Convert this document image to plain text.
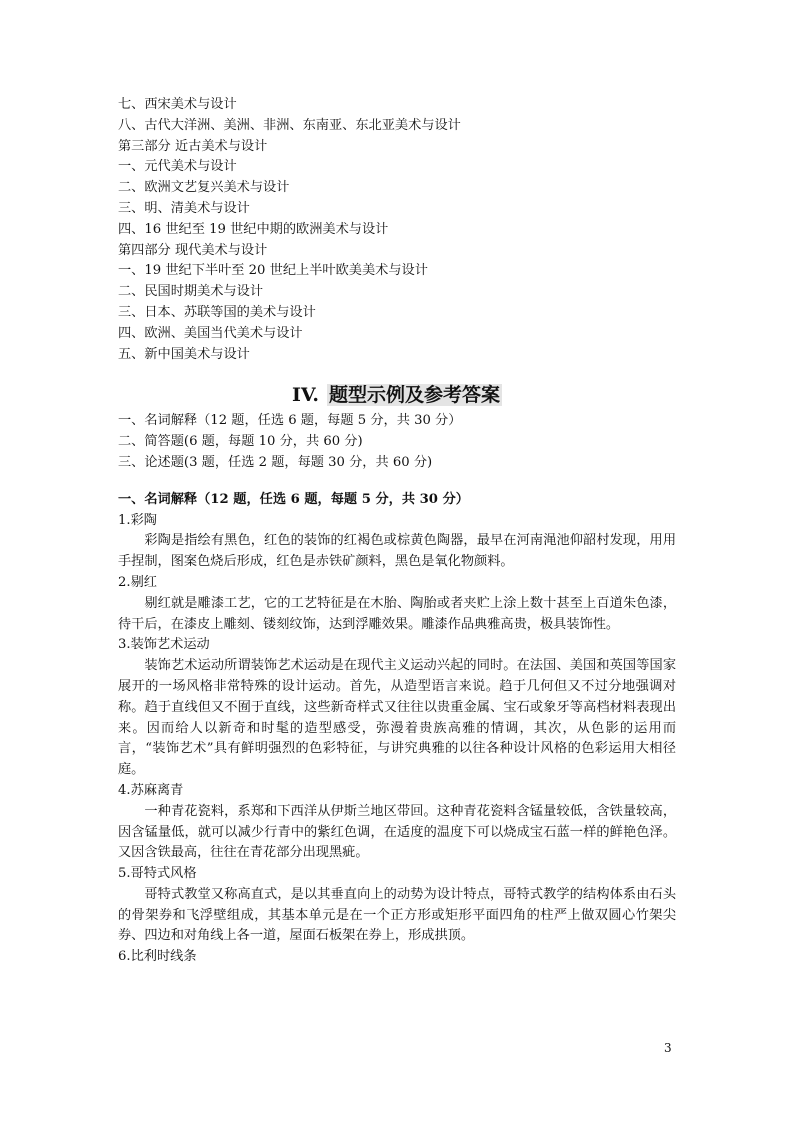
七、西宋美术与设计
八、古代大洋洲、美洲、非洲、东南亚、东北亚美术与设计
第三部分 近古美术与设计
一、元代美术与设计
二、欧洲文艺复兴美术与设计
三、明、清美术与设计
四、16 世纪至 19 世纪中期的欧洲美术与设计
第四部分 现代美术与设计
一、19 世纪下半叶至 20 世纪上半叶欧美美术与设计
二、民国时期美术与设计
三、日本、苏联等国的美术与设计
四、欧洲、美国当代美术与设计
五、新中国美术与设计
IV. 题型示例及参考答案
一、名词解释（12 题，任选 6 题，每题 5 分，共 30 分）
二、简答题(6 题，每题 10 分，共 60 分)
三、论述题(3 题，任选 2 题，每题 30 分，共 60 分)
一、名词解释（12 题，任选 6 题，每题 5 分，共 30 分）
1.彩陶
彩陶是指绘有黑色，红色的装饰的红褐色或棕黄色陶器，最早在河南渑池仰韶村发现，用用手捏制，图案色烧后形成，红色是赤铁矿颜料，黑色是氧化物颜料。
2.剔红
剔红就是雕漆工艺，它的工艺特征是在木胎、陶胎或者夹贮上涂上数十甚至上百道朱色漆，待干后，在漆皮上雕刻、镂刻纹饰，达到浮雕效果。雕漆作品典雅高贵，极具装饰性。
3.装饰艺术运动
装饰艺术运动所谓装饰艺术运动是在现代主义运动兴起的同时。在法国、美国和英国等国家展开的一场风格非常特殊的设计运动。首先，从造型语言来说。趋于几何但又不过分地强调对称。趋于直线但又不囿于直线，这些新奇样式又往往以贵重金属、宝石或象牙等高档材料表现出来。因而给人以新奇和时髦的造型感受，弥漫着贵族高雅的情调，其次，从色影的运用而言，“装饰艺术”具有鲜明强烈的色彩特征，与讲究典雅的以往各种设计风格的色彩运用大相径庭。
4.苏麻离青
一种青花瓷料，系郑和下西洋从伊斯兰地区带回。这种青花瓷料含锰量较低，含铁量较高，因含锰量低，就可以减少行青中的紫红色调，在适度的温度下可以烧成宝石蓝一样的鲜艳色泽。又因含铁最高，往往在青花部分出现黑疵。
5.哥特式风格
哥特式教堂又称高直式，是以其垂直向上的动势为设计特点，哥特式教学的结构体系由石头的骨架券和飞浮壁组成，其基本单元是在一个正方形或矩形平面四角的柱严上做双圆心竹架尖券、四边和对角线上各一道，屋面石板架在券上，形成拱顶。
6.比利时线条
3
